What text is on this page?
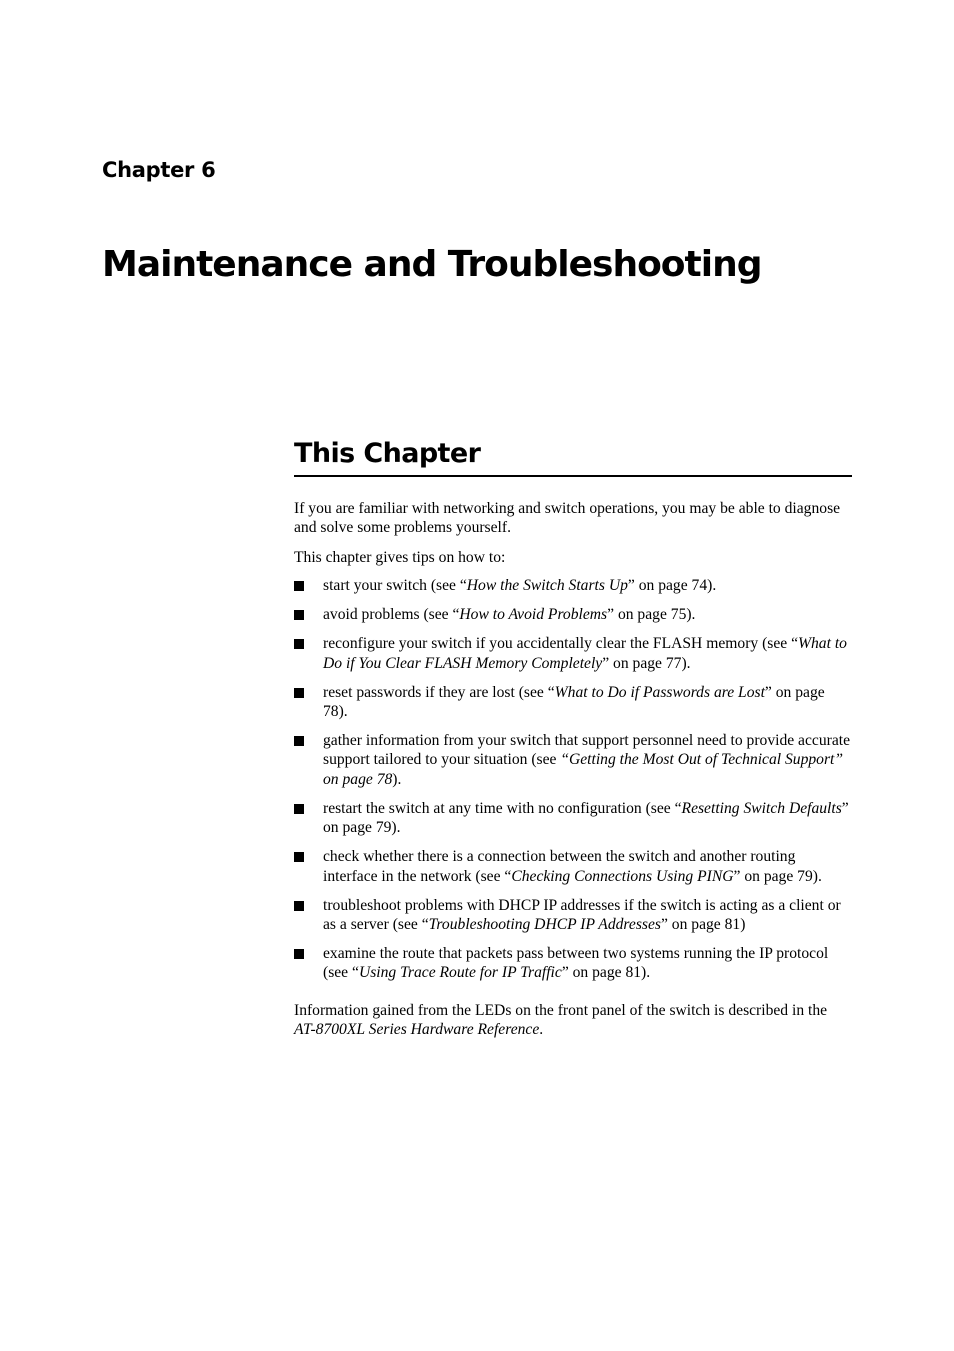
Chapter 6
Maintenance and Troubleshooting
This Chapter

If you are familiar with networking and switch operations, you may be able to diagnose and solve some problems yourself.

This chapter gives tips on how to:

start your switch (see “How the Switch Starts Up” on page 74).
avoid problems (see “How to Avoid Problems” on page 75).
reconfigure your switch if you accidentally clear the FLASH memory (see “What to Do if You Clear FLASH Memory Completely” on page 77).
reset passwords if they are lost (see “What to Do if Passwords are Lost” on page 78).
gather information from your switch that support personnel need to provide accurate support tailored to your situation (see “Getting the Most Out of Technical Support” on page 78).
restart the switch at any time with no configuration (see “Resetting Switch Defaults” on page 79).
check whether there is a connection between the switch and another routing interface in the network (see “Checking Connections Using PING” on page 79).
troubleshoot problems with DHCP IP addresses if the switch is acting as a client or as a server (see “Troubleshooting DHCP IP Addresses” on page 81)
examine the route that packets pass between two systems running the IP protocol (see “Using Trace Route for IP Traffic” on page 81).

Information gained from the LEDs on the front panel of the switch is described in the AT-8700XL Series Hardware Reference.
